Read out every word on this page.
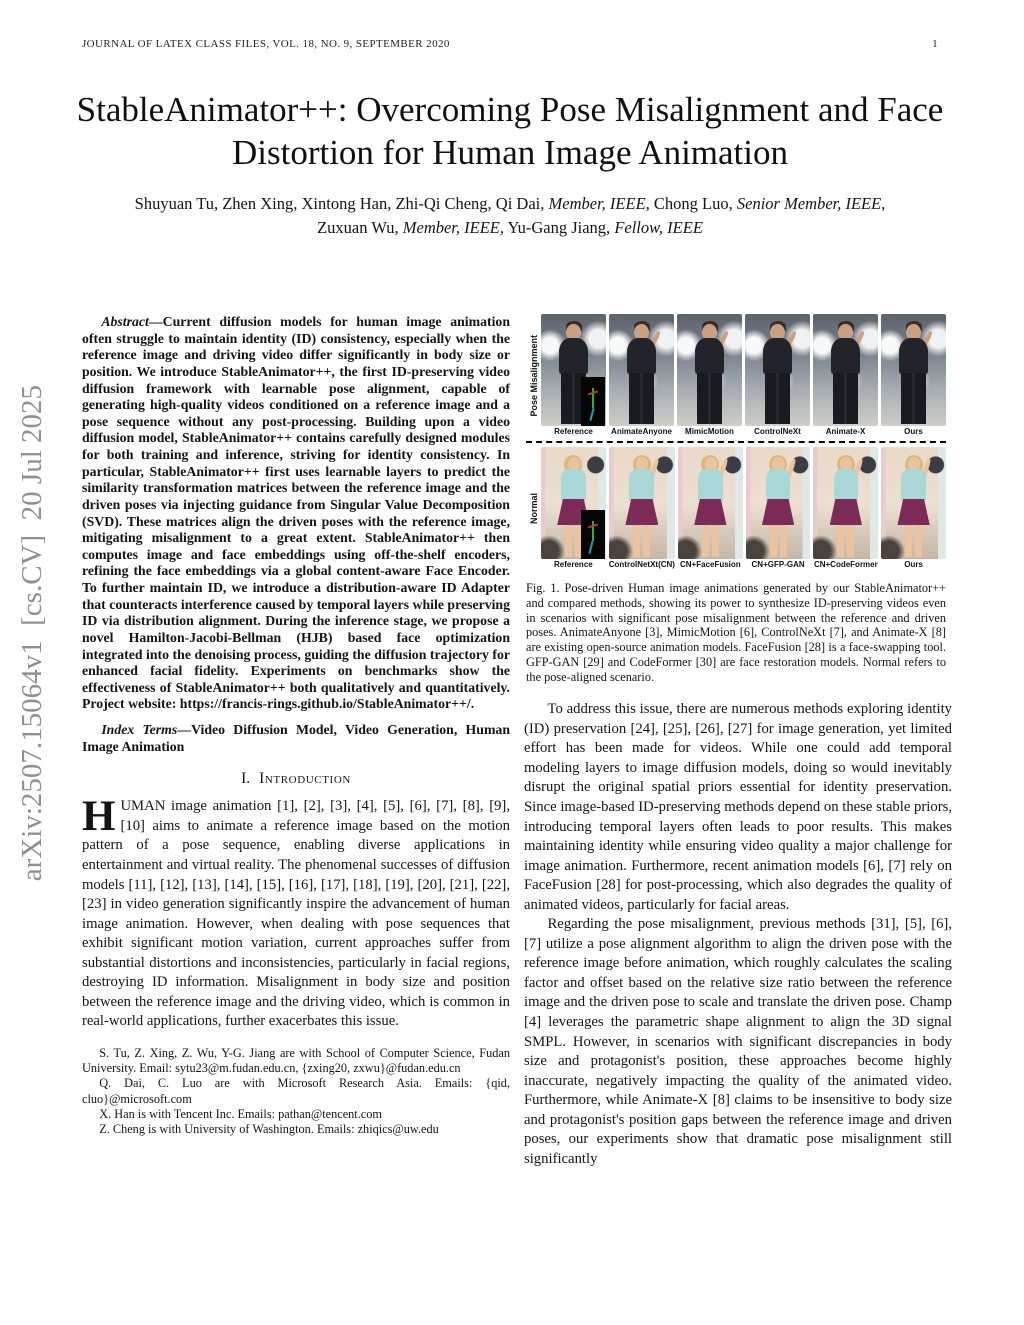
JOURNAL OF LATEX CLASS FILES, VOL. 18, NO. 9, SEPTEMBER 2020	1
arXiv:2507.15064v1  [cs.CV]  20 Jul 2025
StableAnimator++: Overcoming Pose Misalignment and Face Distortion for Human Image Animation
Shuyuan Tu, Zhen Xing, Xintong Han, Zhi-Qi Cheng, Qi Dai, Member, IEEE, Chong Luo, Senior Member, IEEE,
Zuxuan Wu, Member, IEEE, Yu-Gang Jiang, Fellow, IEEE

Abstract—Current diffusion models for human image animation often struggle to maintain identity (ID) consistency, especially when the reference image and driving video differ significantly in body size or position. We introduce StableAnimator++, the first ID-preserving video diffusion framework with learnable pose alignment, capable of generating high-quality videos conditioned on a reference image and a pose sequence without any post-processing. Building upon a video diffusion model, StableAnimator++ contains carefully designed modules for both training and inference, striving for identity consistency. In particular, StableAnimator++ first uses learnable layers to predict the similarity transformation matrices between the reference image and the driven poses via injecting guidance from Singular Value Decomposition (SVD). These matrices align the driven poses with the reference image, mitigating misalignment to a great extent. StableAnimator++ then computes image and face embeddings using off-the-shelf encoders, refining the face embeddings via a global content-aware Face Encoder. To further maintain ID, we introduce a distribution-aware ID Adapter that counteracts interference caused by temporal layers while preserving ID via distribution alignment. During the inference stage, we propose a novel Hamilton-Jacobi-Bellman (HJB) based face optimization integrated into the denoising process, guiding the diffusion trajectory for enhanced facial fidelity. Experiments on benchmarks show the effectiveness of StableAnimator++ both qualitatively and quantitatively. Project website: https://francis-rings.github.io/StableAnimator++/.

Index Terms—Video Diffusion Model, Video Generation, Human Image Animation

I. Introduction

HUMAN image animation [1], [2], [3], [4], [5], [6], [7], [8], [9], [10] aims to animate a reference image based on the motion pattern of a pose sequence, enabling diverse applications in entertainment and virtual reality. The phenomenal successes of diffusion models [11], [12], [13], [14], [15], [16], [17], [18], [19], [20], [21], [22], [23] in video generation significantly inspire the advancement of human image animation. However, when dealing with pose sequences that exhibit significant motion variation, current approaches suffer from substantial distortions and inconsistencies, particularly in facial regions, destroying ID information. Misalignment in body size and position between the reference image and the driving video, which is common in real-world applications, further exacerbates this issue.

S. Tu, Z. Xing, Z. Wu, Y-G. Jiang are with School of Computer Science, Fudan University. Email: sytu23@m.fudan.edu.cn, {zxing20, zxwu}@fudan.edu.cn

Q. Dai, C. Luo are with Microsoft Research Asia. Emails: {qid, cluo}@microsoft.com

X. Han is with Tencent Inc. Emails: pathan@tencent.com

Z. Cheng is with University of Washington. Emails: zhiqics@uw.edu

Pose Misalignment
Reference	AnimateAnyone	MimicMotion	ControlNeXt	Animate-X	Ours
Normal
Reference	ControlNetXt(CN) CN+FaceFusion	CN+GFP-GAN	CN+CodeFormer	Ours
Fig. 1. Pose-driven Human image animations generated by our StableAnimator++ and compared methods, showing its power to synthesize ID-preserving videos even in scenarios with significant pose misalignment between the reference and driven poses. AnimateAnyone [3], MimicMotion [6], ControlNeXt [7], and Animate-X [8] are existing open-source animation models. FaceFusion [28] is a face-swapping tool. GFP-GAN [29] and CodeFormer [30] are face restoration models. Normal refers to the pose-aligned scenario.

To address this issue, there are numerous methods exploring identity (ID) preservation [24], [25], [26], [27] for image generation, yet limited effort has been made for videos. While one could add temporal modeling layers to image diffusion models, doing so would inevitably disrupt the original spatial priors essential for identity preservation. Since image-based ID-preserving methods depend on these stable priors, introducing temporal layers often leads to poor results. This makes maintaining identity while ensuring video quality a major challenge for image animation. Furthermore, recent animation models [6], [7] rely on FaceFusion [28] for post-processing, which also degrades the quality of animated videos, particularly for facial areas.

Regarding the pose misalignment, previous methods [31], [5], [6], [7] utilize a pose alignment algorithm to align the driven pose with the reference image before animation, which roughly calculates the scaling factor and offset based on the relative size ratio between the reference image and the driven pose to scale and translate the driven pose. Champ [4] leverages the parametric shape alignment to align the 3D signal SMPL. However, in scenarios with significant discrepancies in body size and protagonist's position, these approaches become highly inaccurate, negatively impacting the quality of the animated video. Furthermore, while Animate-X [8] claims to be insensitive to body size and protagonist's position gaps between the reference image and driven poses, our experiments show that dramatic pose misalignment still significantly
